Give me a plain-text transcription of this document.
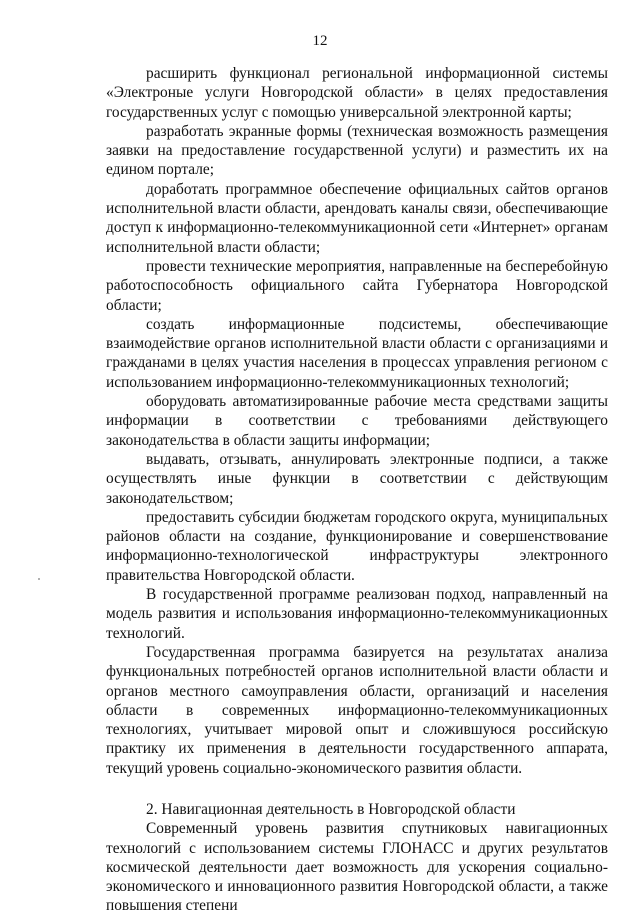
12

расширить функционал региональной информационной системы «Электроные услуги Новгородской области» в целях предоставления государственных услуг с помощью универсальной электронной карты;

разработать экранные формы (техническая возможность размещения заявки на предоставление государственной услуги) и разместить их на едином портале;

доработать программное обеспечение официальных сайтов органов исполнительной власти области, арендовать каналы связи, обеспечивающие доступ к информационно-телекоммуникационной сети «Интернет» органам исполнительной власти области;

провести технические мероприятия, направленные на бесперебойную работоспособность официального сайта Губернатора Новгородской области;

создать информационные подсистемы, обеспечивающие взаимодействие органов исполнительной власти области с организациями и гражданами в целях участия населения в процессах управления регионом с использованием информационно-телекоммуникационных технологий;

оборудовать автоматизированные рабочие места средствами защиты информации в соответствии с требованиями действующего законодательства в области защиты информации;

выдавать, отзывать, аннулировать электронные подписи, а также осуществлять иные функции в соответствии с действующим законодательством;

предоставить субсидии бюджетам городского округа, муниципальных районов области на создание, функционирование и совершенствование информационно-технологической инфраструктуры электронного правительства Новгородской области.

В государственной программе реализован подход, направленный на модель развития и использования информационно-телекоммуникационных технологий.

Государственная программа базируется на результатах анализа функциональных потребностей органов исполнительной власти области и органов местного самоуправления области, организаций и населения области в современных информационно-телекоммуникационных технологиях, учитывает мировой опыт и сложившуюся российскую практику их применения в деятельности государственного аппарата, текущий уровень социально-экономического развития области.

2. Навигационная деятельность в Новгородской области

Современный уровень развития спутниковых навигационных технологий с использованием системы ГЛОНАСС и других результатов космической деятельности дает возможность для ускорения социально-экономического и инновационного развития Новгородской области, а также повышения степени
